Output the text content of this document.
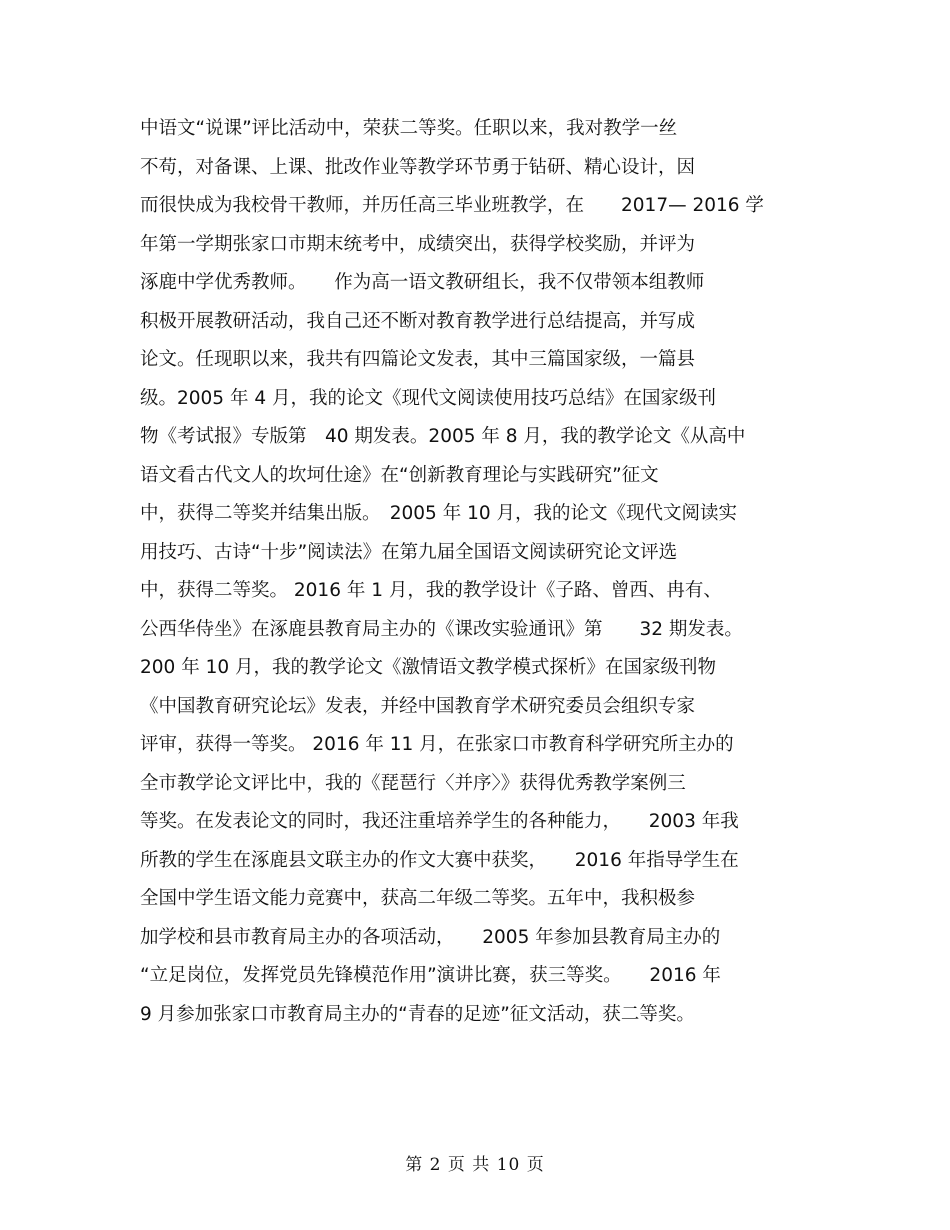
中语文“说课”评比活动中，荣获二等奖。任职以来，我对教学一丝
不苟，对备课、上课、批改作业等教学环节勇于钻研、精心设计，因
而很快成为我校骨干教师，并历任高三毕业班教学，在　　2017— 2016 学
年第一学期张家口市期末统考中，成绩突出，获得学校奖励，并评为
涿鹿中学优秀教师。　　作为高一语文教研组长，我不仅带领本组教师
积极开展教研活动，我自己还不断对教育教学进行总结提高，并写成
论文。任现职以来，我共有四篇论文发表，其中三篇国家级，一篇县
级。2005 年 4 月，我的论文《现代文阅读使用技巧总结》在国家级刊
物《考试报》专版第　40 期发表。2005 年 8 月，我的教学论文《从高中
语文看古代文人的坎坷仕途》在“创新教育理论与实践研究”征文
中，获得二等奖并结集出版。　2005 年 10 月，我的论文《现代文阅读实
用技巧、古诗“十步”阅读法》在第九届全国语文阅读研究论文评选
中，获得二等奖。 2016 年 1 月，我的教学设计《子路、曾西、冉有、
公西华侍坐》在涿鹿县教育局主办的《课改实验通讯》第　　32 期发表。
200 年 10 月，我的教学论文《激情语文教学模式探析》在国家级刊物
《中国教育研究论坛》发表，并经中国教育学术研究委员会组织专家
评审，获得一等奖。 2016 年 11 月，在张家口市教育科学研究所主办的
全市教学论文评比中，我的《琵琶行〈并序〉》获得优秀教学案例三
等奖。在发表论文的同时，我还注重培养学生的各种能力，　　2003 年我
所教的学生在涿鹿县文联主办的作文大赛中获奖，　　2016 年指导学生在
全国中学生语文能力竞赛中，获高二年级二等奖。五年中，我积极参
加学校和县市教育局主办的各项活动，　　2005 年参加县教育局主办的
“立足岗位，发挥党员先锋模范作用”演讲比赛，获三等奖。　　2016 年
9 月参加张家口市教育局主办的“青春的足迹”征文活动，获二等奖。
第 2 页 共 10 页
